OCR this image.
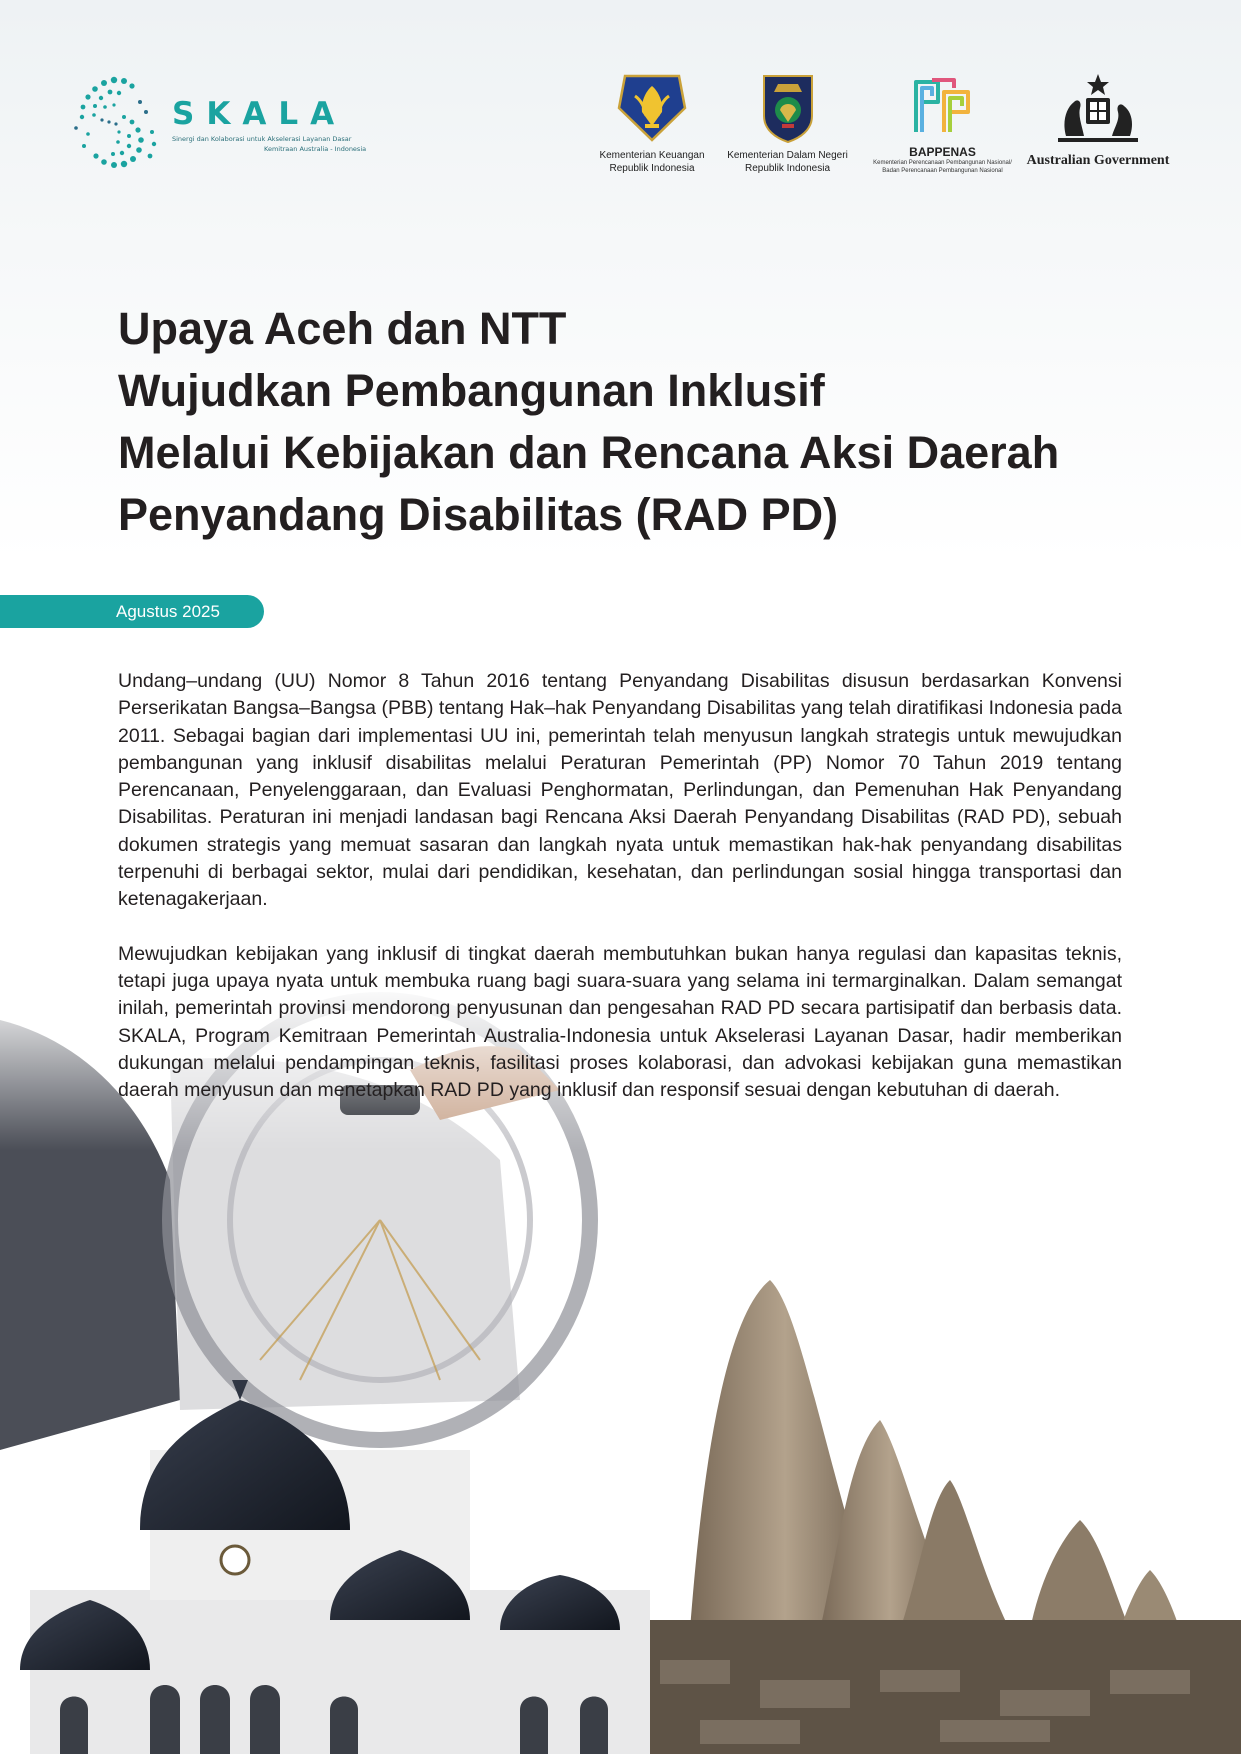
SKALA
Sinergi dan Kolaborasi untuk Akselerasi Layanan Dasar
Kemitraan Australia - Indonesia
Kementerian Keuangan
Republik Indonesia
Kementerian Dalam Negeri
Republik Indonesia
BAPPENAS
Kementerian Perencanaan Pembangunan Nasional/
Badan Perencanaan Pembangunan Nasional
Australian Government
Upaya Aceh dan NTT
Wujudkan Pembangunan Inklusif
Melalui Kebijakan dan Rencana Aksi Daerah
Penyandang Disabilitas (RAD PD)
Agustus 2025

Undang–undang (UU) Nomor 8 Tahun 2016 tentang Penyandang Disabilitas disusun berdasarkan Konvensi Perserikatan Bangsa–Bangsa (PBB) tentang Hak–hak Penyandang Disabilitas yang telah diratifikasi Indonesia pada 2011. Sebagai bagian dari implementasi UU ini, pemerintah telah menyusun langkah strategis untuk mewujudkan pembangunan yang inklusif disabilitas melalui Peraturan Pemerintah (PP) Nomor 70 Tahun 2019 tentang Perencanaan, Penyelenggaraan, dan Evaluasi Penghormatan, Perlindungan, dan Pemenuhan Hak Penyandang Disabilitas. Peraturan ini menjadi landasan bagi Rencana Aksi Daerah Penyandang Disabilitas (RAD PD), sebuah dokumen strategis yang memuat sasaran dan langkah nyata untuk memastikan hak-hak penyandang disabilitas terpenuhi di berbagai sektor, mulai dari pendidikan, kesehatan, dan perlindungan sosial hingga transportasi dan ketenagakerjaan.

Mewujudkan kebijakan yang inklusif di tingkat daerah membutuhkan bukan hanya regulasi dan kapasitas teknis, tetapi juga upaya nyata untuk membuka ruang bagi suara-suara yang selama ini termarginalkan. Dalam semangat inilah, pemerintah provinsi mendorong penyusunan dan pengesahan RAD PD secara partisipatif dan berbasis data. SKALA, Program Kemitraan Pemerintah Australia-Indonesia untuk Akselerasi Layanan Dasar, hadir memberikan dukungan melalui pendampingan teknis, fasilitasi proses kolaborasi, dan advokasi kebijakan guna memastikan daerah menyusun dan menetapkan RAD PD yang inklusif dan responsif sesuai dengan kebutuhan di daerah.
